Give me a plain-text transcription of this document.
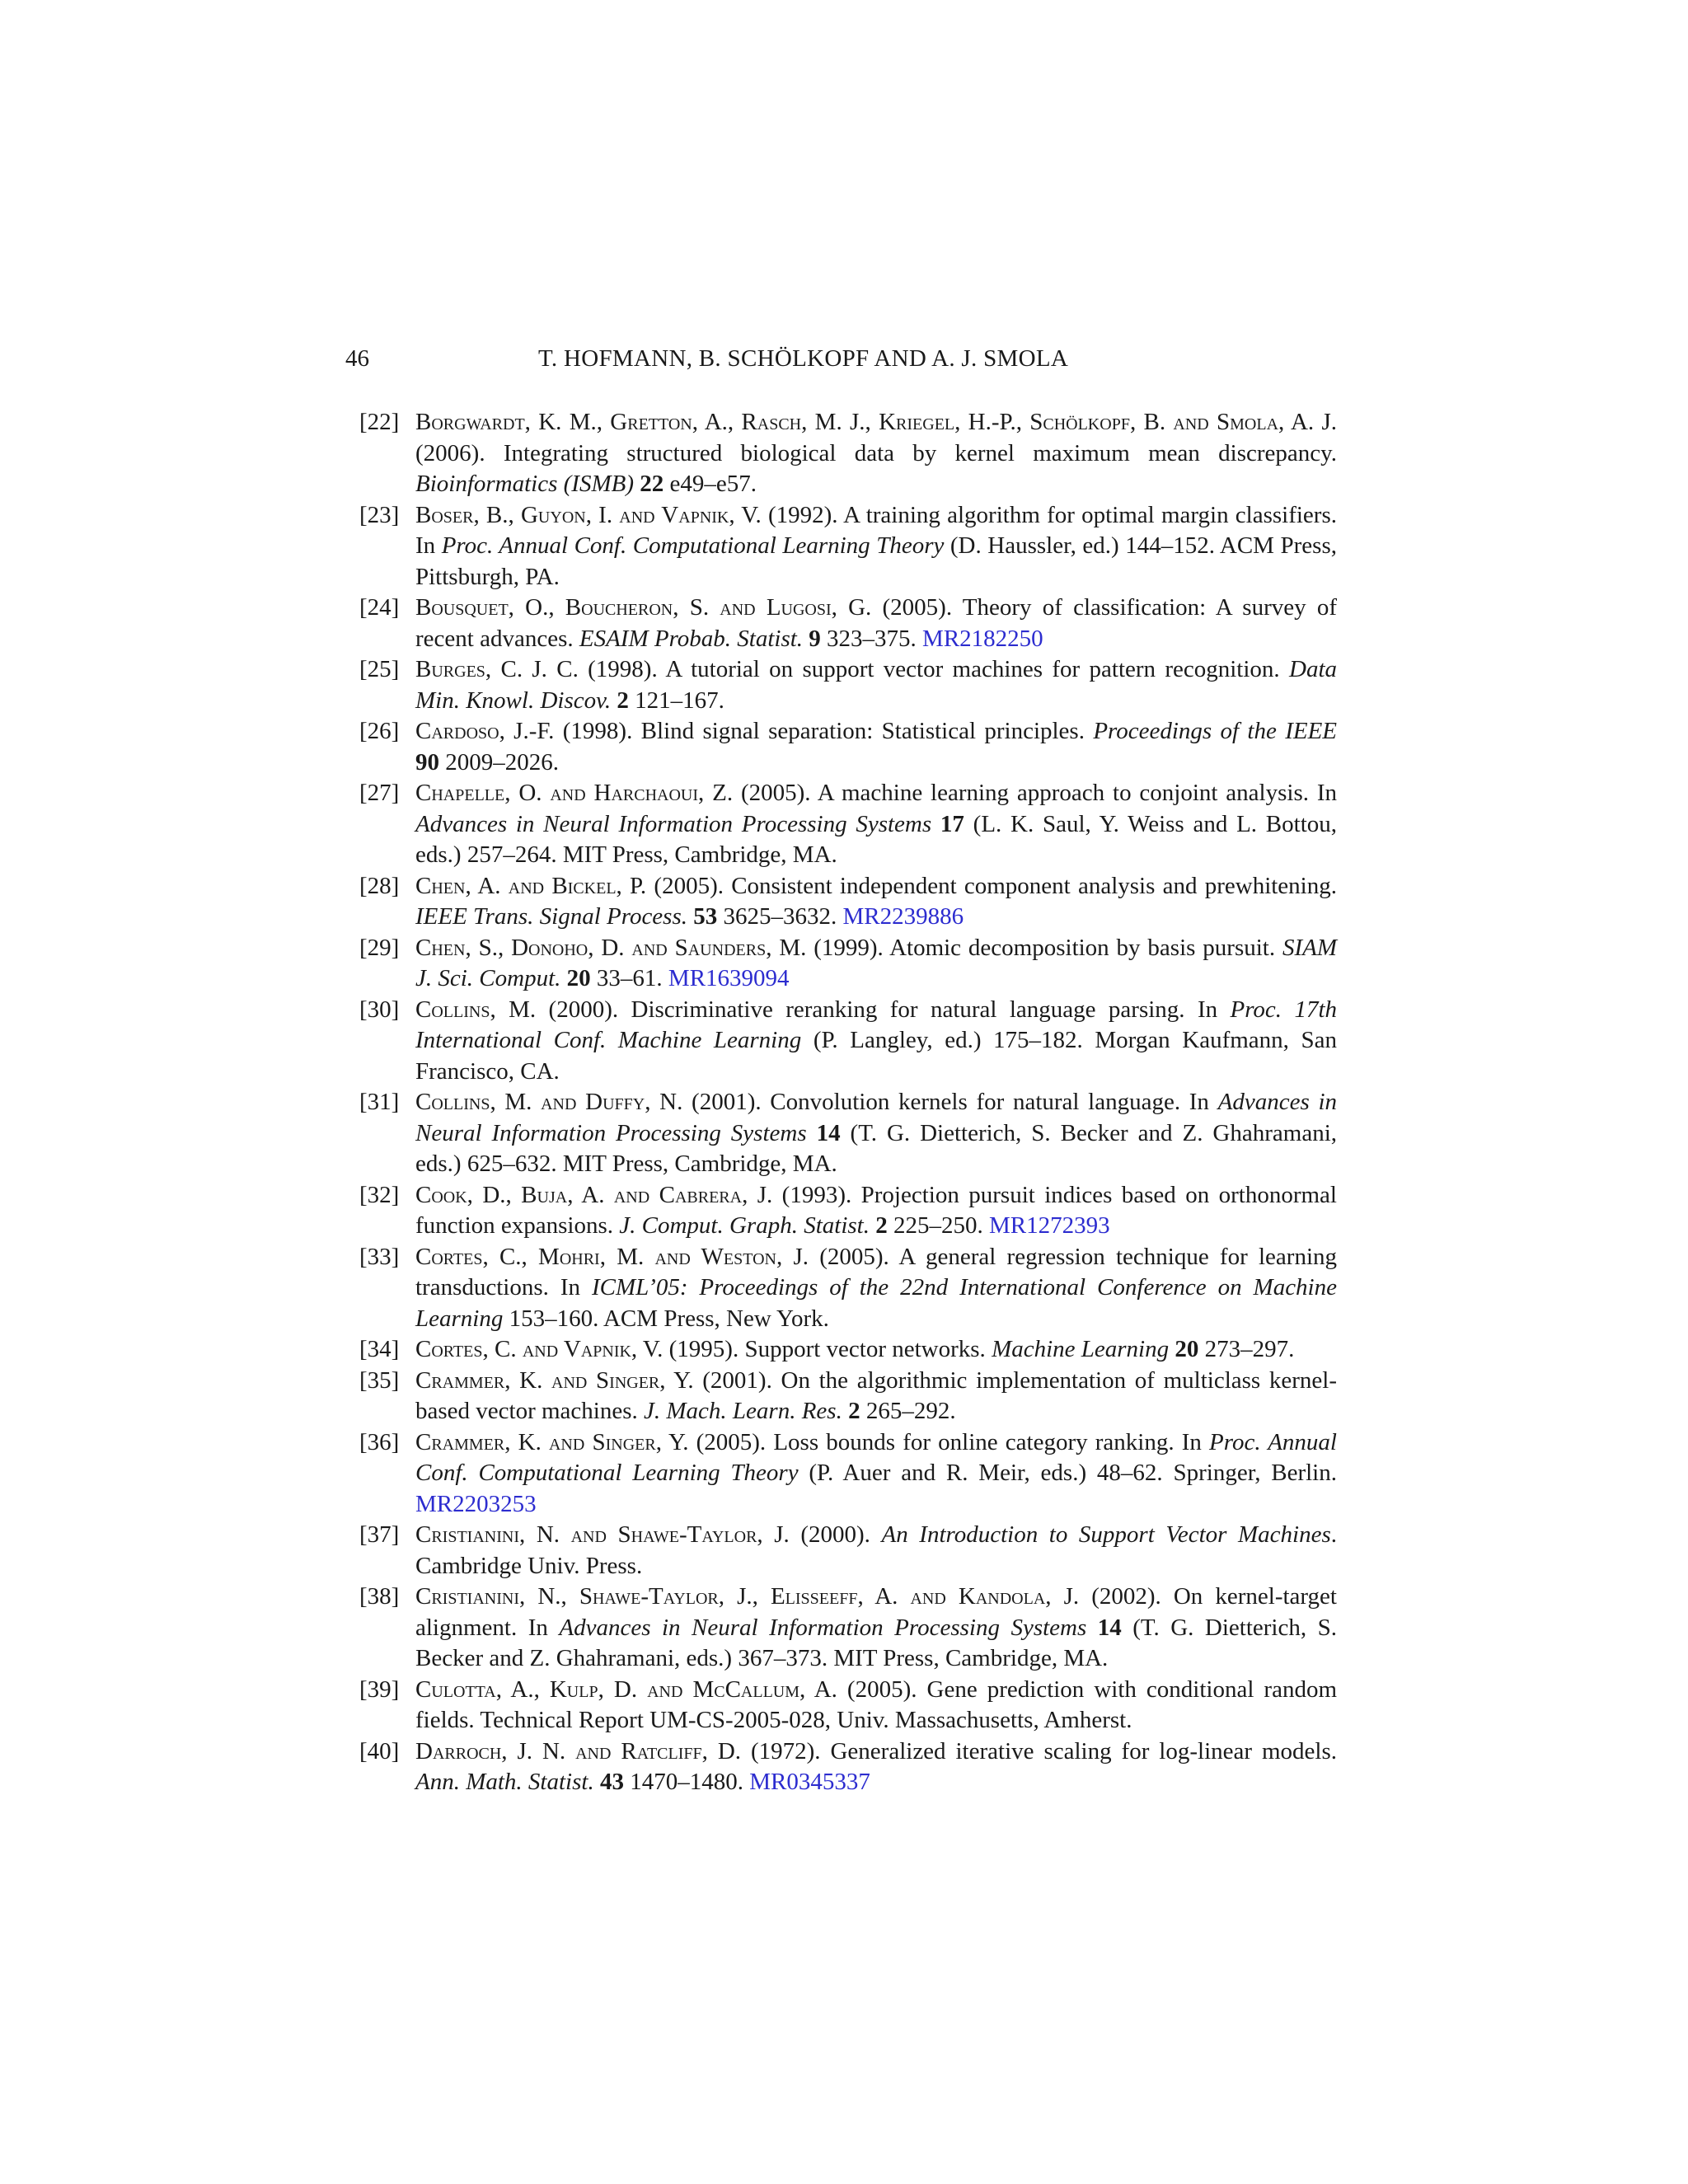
46	T. HOFMANN, B. SCHÖLKOPF AND A. J. SMOLA
[22] Borgwardt, K. M., Gretton, A., Rasch, M. J., Kriegel, H.-P., Schölkopf, B. and Smola, A. J. (2006). Integrating structured biological data by kernel maximum mean discrepancy. Bioinformatics (ISMB) 22 e49–e57.
[23] Boser, B., Guyon, I. and Vapnik, V. (1992). A training algorithm for optimal margin classifiers. In Proc. Annual Conf. Computational Learning Theory (D. Haussler, ed.) 144–152. ACM Press, Pittsburgh, PA.
[24] Bousquet, O., Boucheron, S. and Lugosi, G. (2005). Theory of classification: A survey of recent advances. ESAIM Probab. Statist. 9 323–375. MR2182250
[25] Burges, C. J. C. (1998). A tutorial on support vector machines for pattern recognition. Data Min. Knowl. Discov. 2 121–167.
[26] Cardoso, J.-F. (1998). Blind signal separation: Statistical principles. Proceedings of the IEEE 90 2009–2026.
[27] Chapelle, O. and Harchaoui, Z. (2005). A machine learning approach to conjoint analysis. In Advances in Neural Information Processing Systems 17 (L. K. Saul, Y. Weiss and L. Bottou, eds.) 257–264. MIT Press, Cambridge, MA.
[28] Chen, A. and Bickel, P. (2005). Consistent independent component analysis and prewhitening. IEEE Trans. Signal Process. 53 3625–3632. MR2239886
[29] Chen, S., Donoho, D. and Saunders, M. (1999). Atomic decomposition by basis pursuit. SIAM J. Sci. Comput. 20 33–61. MR1639094
[30] Collins, M. (2000). Discriminative reranking for natural language parsing. In Proc. 17th International Conf. Machine Learning (P. Langley, ed.) 175–182. Morgan Kaufmann, San Francisco, CA.
[31] Collins, M. and Duffy, N. (2001). Convolution kernels for natural language. In Advances in Neural Information Processing Systems 14 (T. G. Dietterich, S. Becker and Z. Ghahramani, eds.) 625–632. MIT Press, Cambridge, MA.
[32] Cook, D., Buja, A. and Cabrera, J. (1993). Projection pursuit indices based on orthonormal function expansions. J. Comput. Graph. Statist. 2 225–250. MR1272393
[33] Cortes, C., Mohri, M. and Weston, J. (2005). A general regression technique for learning transductions. In ICML’05: Proceedings of the 22nd International Conference on Machine Learning 153–160. ACM Press, New York.
[34] Cortes, C. and Vapnik, V. (1995). Support vector networks. Machine Learning 20 273–297.
[35] Crammer, K. and Singer, Y. (2001). On the algorithmic implementation of multiclass kernel-based vector machines. J. Mach. Learn. Res. 2 265–292.
[36] Crammer, K. and Singer, Y. (2005). Loss bounds for online category ranking. In Proc. Annual Conf. Computational Learning Theory (P. Auer and R. Meir, eds.) 48–62. Springer, Berlin. MR2203253
[37] Cristianini, N. and Shawe-Taylor, J. (2000). An Introduction to Support Vector Machines. Cambridge Univ. Press.
[38] Cristianini, N., Shawe-Taylor, J., Elisseeff, A. and Kandola, J. (2002). On kernel-target alignment. In Advances in Neural Information Processing Systems 14 (T. G. Dietterich, S. Becker and Z. Ghahramani, eds.) 367–373. MIT Press, Cambridge, MA.
[39] Culotta, A., Kulp, D. and McCallum, A. (2005). Gene prediction with conditional random fields. Technical Report UM-CS-2005-028, Univ. Massachusetts, Amherst.
[40] Darroch, J. N. and Ratcliff, D. (1972). Generalized iterative scaling for log-linear models. Ann. Math. Statist. 43 1470–1480. MR0345337
